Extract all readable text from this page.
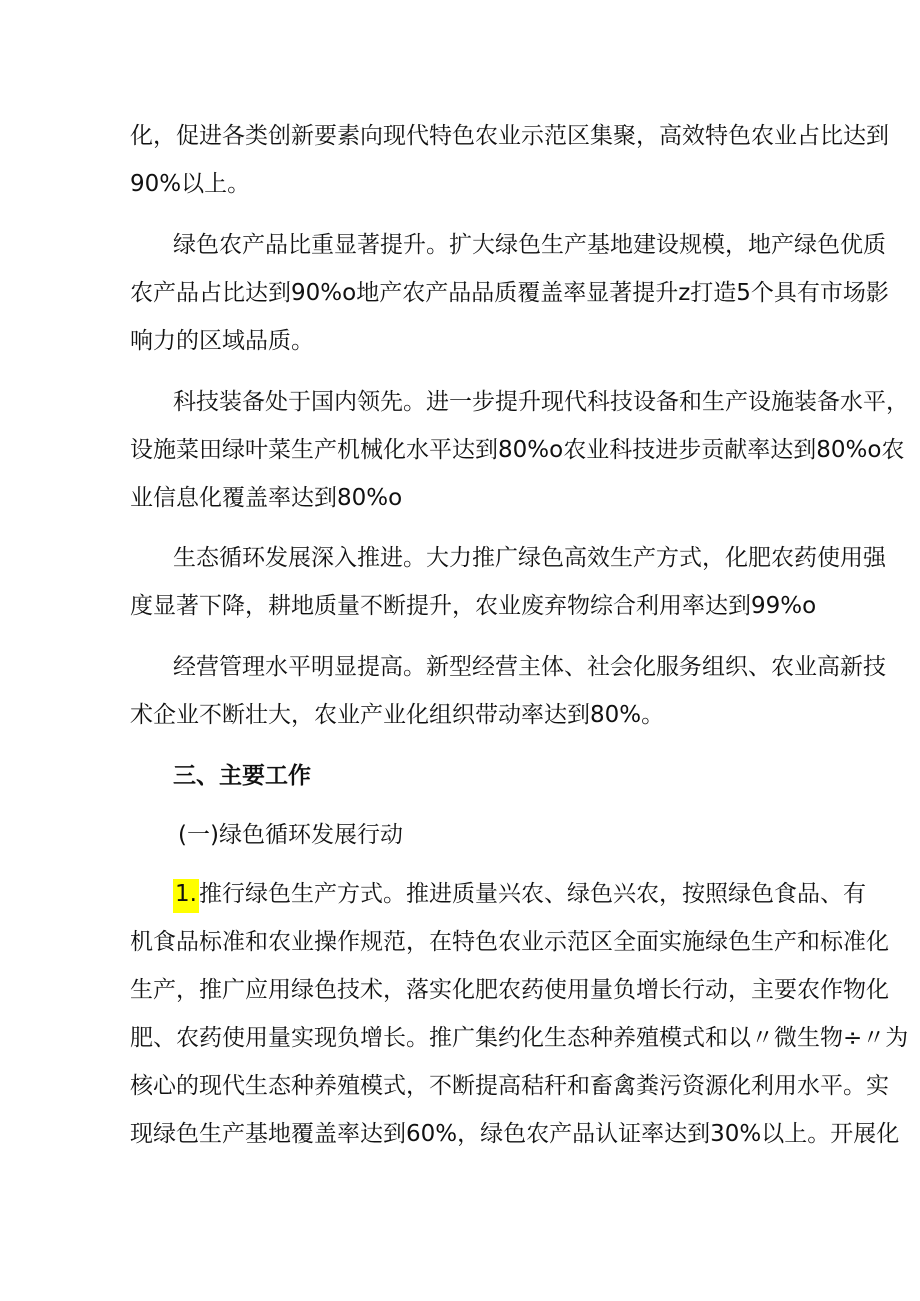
化，促进各类创新要素向现代特色农业示范区集聚，高效特色农业占比达到
90%以上。
绿色农产品比重显著提升。扩大绿色生产基地建设规模，地产绿色优质
农产品占比达到90%o地产农产品品质覆盖率显著提升z打造5个具有市场影
响力的区域品质。
科技装备处于国内领先。进一步提升现代科技设备和生产设施装备水平，
设施菜田绿叶菜生产机械化水平达到80%o农业科技进步贡献率达到80%o农
业信息化覆盖率达到80%o
生态循环发展深入推进。大力推广绿色高效生产方式，化肥农药使用强
度显著下降，耕地质量不断提升，农业废弃物综合利用率达到99%o
经营管理水平明显提高。新型经营主体、社会化服务组织、农业高新技
术企业不断壮大，农业产业化组织带动率达到80%。
三、主要工作
(一)绿色循环发展行动
1.推行绿色生产方式。推进质量兴农、绿色兴农，按照绿色食品、有
机食品标准和农业操作规范，在特色农业示范区全面实施绿色生产和标准化
生产，推广应用绿色技术，落实化肥农药使用量负增长行动，主要农作物化
肥、农药使用量实现负增长。推广集约化生态种养殖模式和以〃微生物÷〃为
核心的现代生态种养殖模式，不断提高秸秆和畜禽粪污资源化利用水平。实
现绿色生产基地覆盖率达到60%，绿色农产品认证率达到30%以上。开展化
